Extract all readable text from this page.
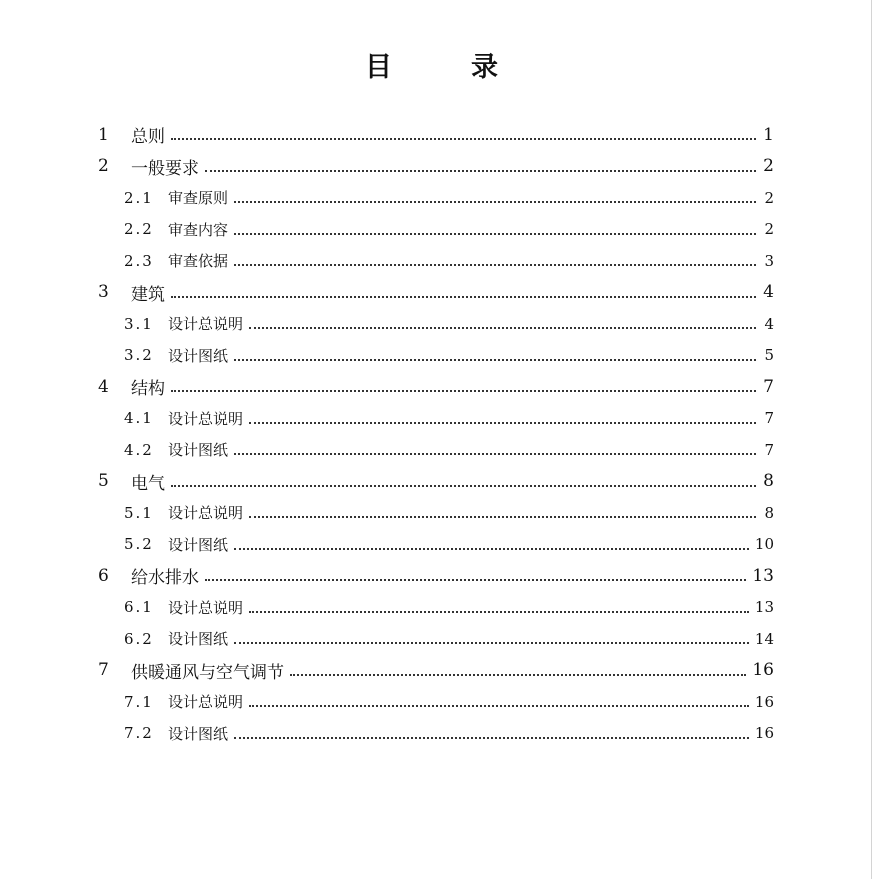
目　录
1	总则	1
2	一般要求	2
2.1 审查原则	2
2.2 审查内容	2
2.3 审查依据	3
3	建筑	4
3.1 设计总说明	4
3.2 设计图纸	5
4	结构	7
4.1 设计总说明	7
4.2 设计图纸	7
5	电气	8
5.1 设计总说明	8
5.2 设计图纸	10
6	给水排水	13
6.1 设计总说明	13
6.2 设计图纸	14
7	供暖通风与空气调节	16
7.1 设计总说明	16
7.2 设计图纸	16
